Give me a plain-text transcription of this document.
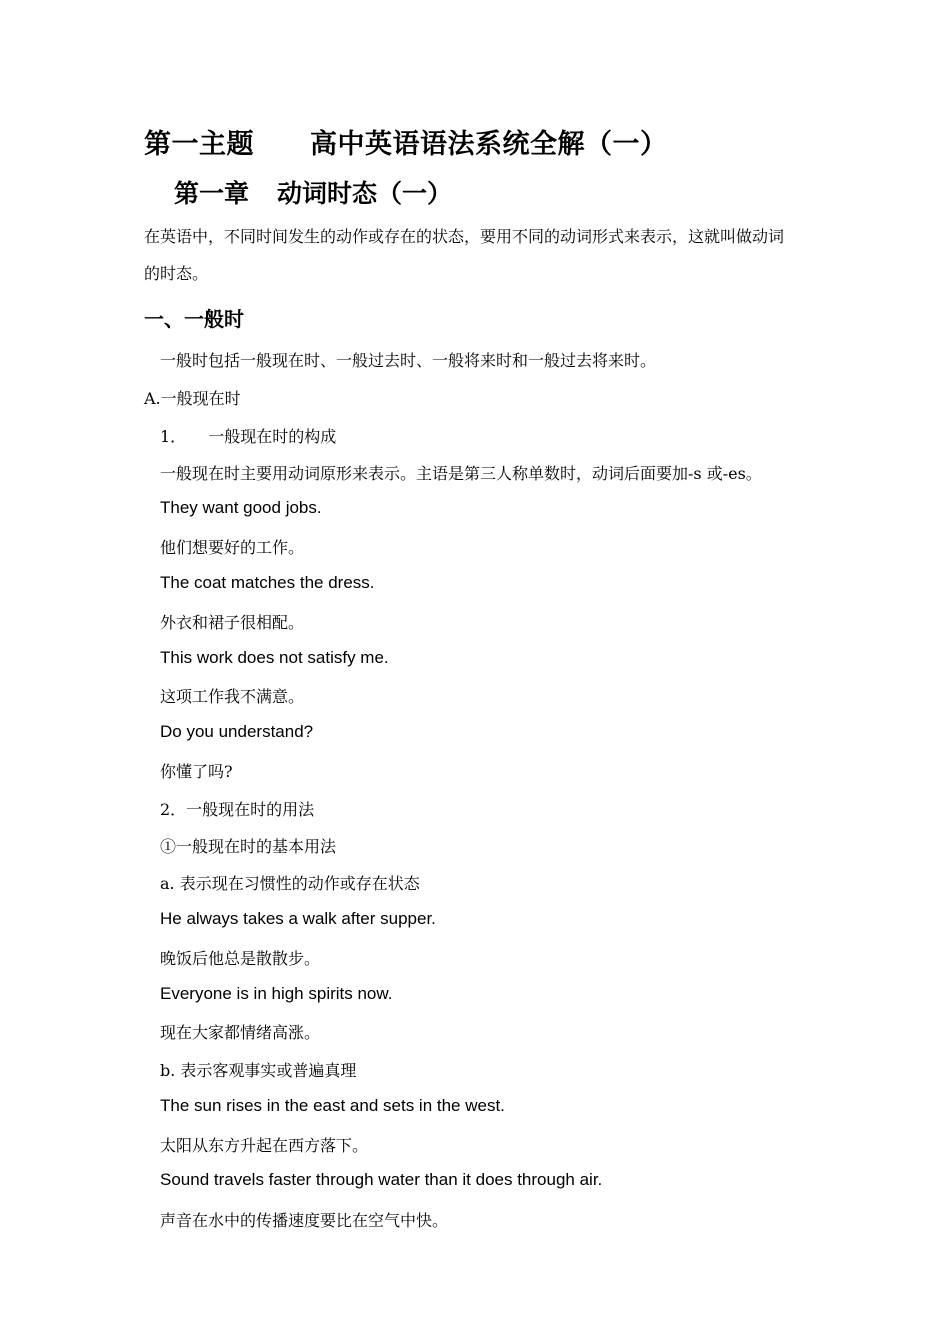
第一主题 高中英语语法系统全解（一）
第一章 动词时态（一）
在英语中，不同时间发生的动作或存在的状态，要用不同的动词形式来表示，这就叫做动词
的时态。
一、一般时
一般时包括一般现在时、一般过去时、一般将来时和一般过去将来时。
A.一般现在时
1． 一般现在时的构成
一般现在时主要用动词原形来表示。主语是第三人称单数时，动词后面要加-s 或-es。
They want good jobs.
他们想要好的工作。
The coat matches the dress.
外衣和裙子很相配。
This work does not satisfy me.
这项工作我不满意。
Do you understand?
你懂了吗?
2．一般现在时的用法
①一般现在时的基本用法
a. 表示现在习惯性的动作或存在状态
He always takes a walk after supper.
晚饭后他总是散散步。
Everyone is in high spirits now.
现在大家都情绪高涨。
b. 表示客观事实或普遍真理
The sun rises in the east and sets in the west.
太阳从东方升起在西方落下。
Sound travels faster through water than it does through air.
声音在水中的传播速度要比在空气中快。
